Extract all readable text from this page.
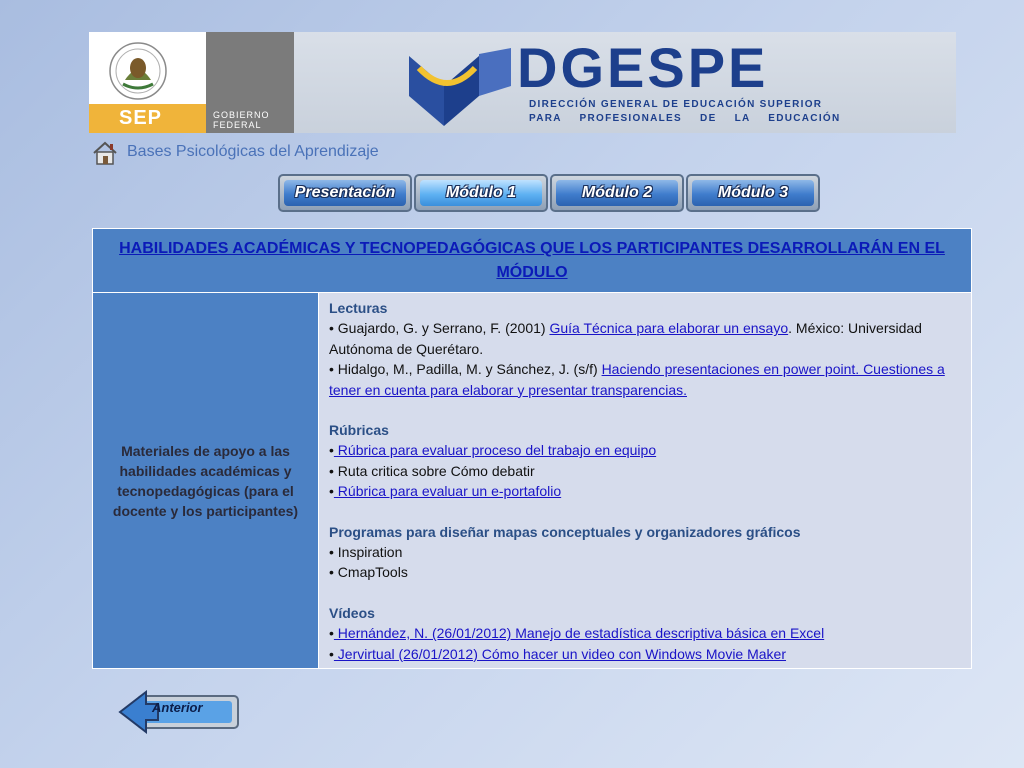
SEP	GOBIERNO
FEDERAL
DGESPE
DIRECCIÓN GENERAL DE EDUCACIÓN SUPERIOR
PARA PROFESIONALES DE LA EDUCACIÓN
Bases Psicológicas del Aprendizaje
Presentación	Módulo 1	Módulo 2	Módulo 3
HABILIDADES ACADÉMICAS Y TECNOPEDAGÓGICAS QUE LOS PARTICIPANTES DESARROLLARÁN EN EL MÓDULO
Materiales de apoyo a las habilidades académicas y tecnopedagógicas (para el docente y los participantes)	
Lecturas
• Guajardo, G. y Serrano, F. (2001) Guía Técnica para elaborar un ensayo. México: Universidad Autónoma de Querétaro.
• Hidalgo, M., Padilla, M. y Sánchez, J. (s/f) Haciendo presentaciones en power point. Cuestiones a tener en cuenta para elaborar y presentar transparencias.
Rúbricas
• Rúbrica para evaluar proceso del trabajo en equipo
• Ruta critica sobre Cómo debatir
• Rúbrica para evaluar un e-portafolio
Programas para diseñar mapas conceptuales y organizadores gráficos
• Inspiration
• CmapTools
Vídeos
• Hernández, N. (26/01/2012) Manejo de estadística descriptiva básica en Excel
• Jervirtual (26/01/2012) Cómo hacer un video con Windows Movie Maker
Anterior
